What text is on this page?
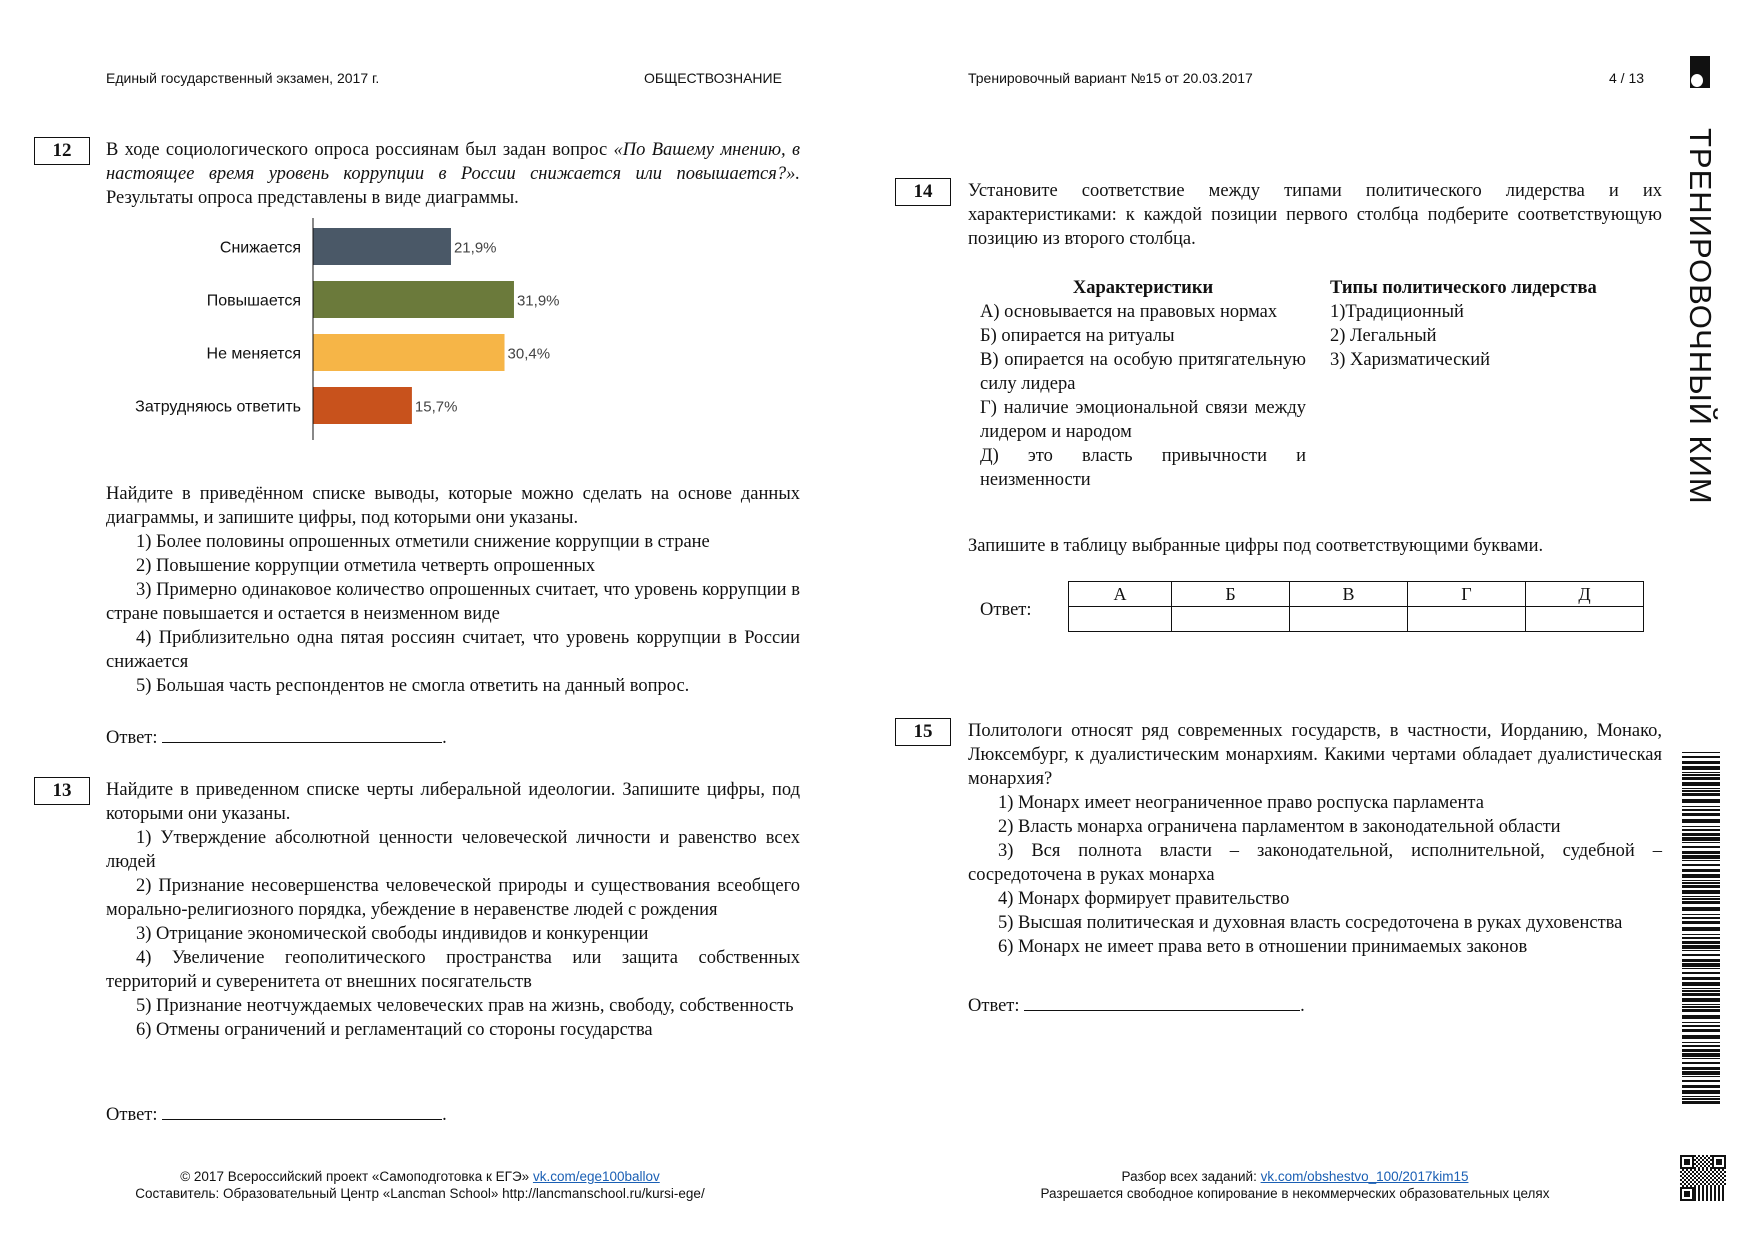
Единый государственный экзамен, 2017 г.	ОБЩЕСТВОЗНАНИЕ	Тренировочный вариант №15 от 20.03.2017	4 / 13
ТРЕНИРОВОЧНЫЙ КИМ
12	В ходе социологического опроса россиянам был задан вопрос «По Вашему мнению, в настоящее время уровень коррупции в России снижается или повышается?». Результаты опроса представлены в виде диаграммы.
Снижается	21,9%
Повышается	31,9%
Не меняется	30,4%
Затрудняюсь ответить	15,7%
Найдите в приведённом списке выводы, которые можно сделать на основе данных диаграммы, и запишите цифры, под которыми они указаны.
1) Более половины опрошенных отметили снижение коррупции в стране
2) Повышение коррупции отметила четверть опрошенных
3) Примерно одинаковое количество опрошенных считает, что уровень коррупции в стране повышается и остается в неизменном виде
4) Приблизительно одна пятая россиян считает, что уровень коррупции в России снижается
5) Большая часть респондентов не смогла ответить на данный вопрос.
Ответ:	.
13	Найдите в приведенном списке черты либеральной идеологии. Запишите цифры, под которыми они указаны.
1) Утверждение абсолютной ценности человеческой личности и равенство всех людей
2) Признание несовершенства человеческой природы и существования всеобщего морально-религиозного порядка, убеждение в неравенстве людей с рождения
3) Отрицание экономической свободы индивидов и конкуренции
4) Увеличение геополитического пространства или защита собственных территорий и суверенитета от внешних посягательств
5) Признание неотчуждаемых человеческих прав на жизнь, свободу, собственность
6) Отмены ограничений и регламентаций со стороны государства
Ответ:	.
14	Установите соответствие между типами политического лидерства и их характеристиками: к каждой позиции первого столбца подберите соответствующую позицию из второго столбца.
Характеристики	Типы политического лидерства
А) основывается на правовых нормах
Б) опирается на ритуалы
В) опирается на особую притягательную силу лидера
Г) наличие эмоциональной связи между лидером и народом
Д) это власть привычности и неизменности
1)Традиционный
2) Легальный
3) Харизматический
Запишите в таблицу выбранные цифры под соответствующими буквами.
Ответ:
А	Б	В	Г	Д

15	Политологи относят ряд современных государств, в частности, Иорданию, Монако, Люксембург, к дуалистическим монархиям. Какими чертами обладает дуалистическая монархия?
1) Монарх имеет неограниченное право роспуска парламента
2) Власть монарха ограничена парламентом в законодательной области
3) Вся полнота власти – законодательной, исполнительной, судебной – сосредоточена в руках монарха
4) Монарх формирует правительство
5) Высшая политическая и духовная власть сосредоточена в руках духовенства
6) Монарх не имеет права вето в отношении принимаемых законов
Ответ:	.
© 2017 Всероссийский проект «Самоподготовка к ЕГЭ» vk.com/ege100ballov
Составитель: Образовательный Центр «Lancman School» http://lancmanschool.ru/kursi-ege/
Разбор всех заданий: vk.com/obshestvo_100/2017kim15
Разрешается свободное копирование в некоммерческих образовательных целях
